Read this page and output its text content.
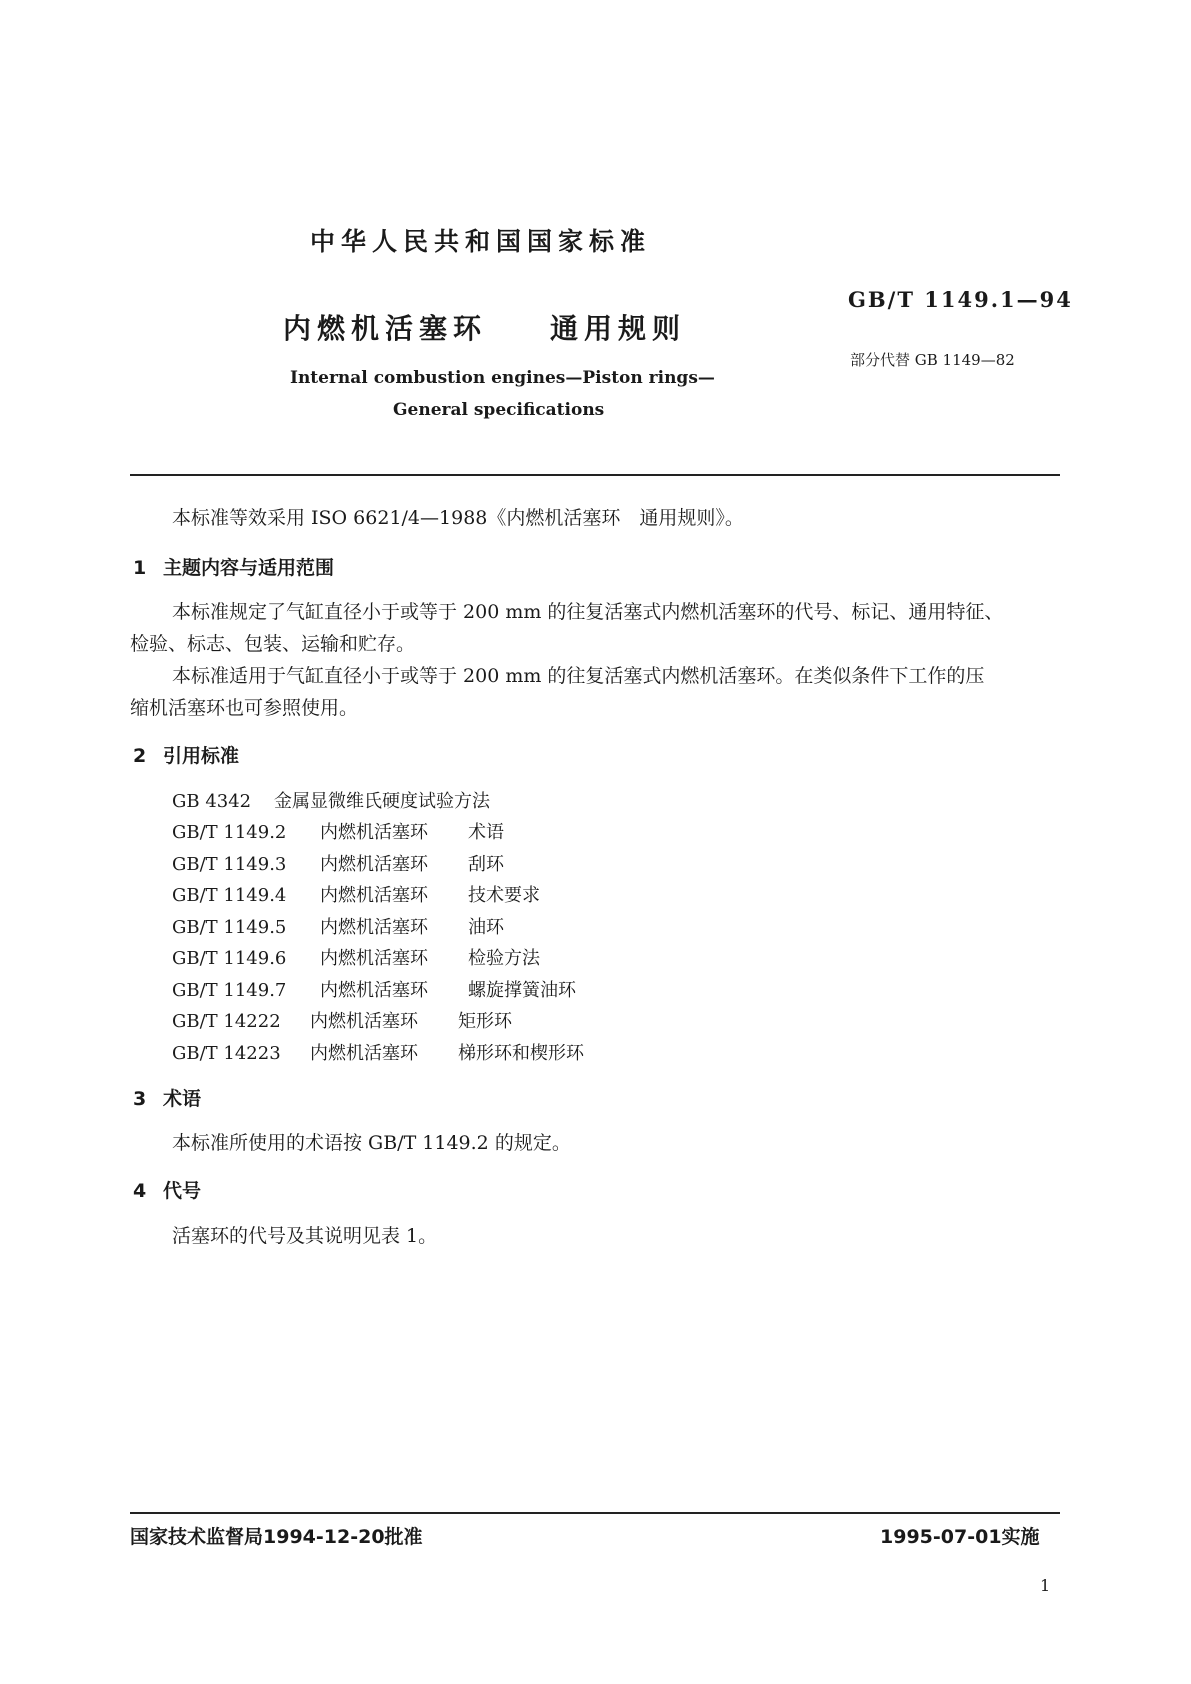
中华人民共和国国家标准
内燃机活塞环    通用规则
Internal combustion engines—Piston rings—
General specifications
GB/T 1149.1—94
部分代替 GB 1149—82

本标准等效采用 ISO 6621/4—1988《内燃机活塞环　通用规则》。

1 主题内容与适用范围

本标准规定了气缸直径小于或等于 200 mm 的往复活塞式内燃机活塞环的代号、标记、通用特征、

检验、标志、包装、运输和贮存。

本标准适用于气缸直径小于或等于 200 mm 的往复活塞式内燃机活塞环。在类似条件下工作的压

缩机活塞环也可参照使用。

2 引用标准
GB 4342 金属显微维氏硬度试验方法
GB/T 1149.2 内燃机活塞环 术语
GB/T 1149.3 内燃机活塞环 刮环
GB/T 1149.4 内燃机活塞环 技术要求
GB/T 1149.5 内燃机活塞环 油环
GB/T 1149.6 内燃机活塞环 检验方法
GB/T 1149.7 内燃机活塞环 螺旋撑簧油环
GB/T 14222 内燃机活塞环 矩形环
GB/T 14223 内燃机活塞环 梯形环和楔形环
3 术语

本标准所使用的术语按 GB/T 1149.2 的规定。

4 代号

活塞环的代号及其说明见表 1。

国家技术监督局1994-12-20批准	1995-07-01实施
1
